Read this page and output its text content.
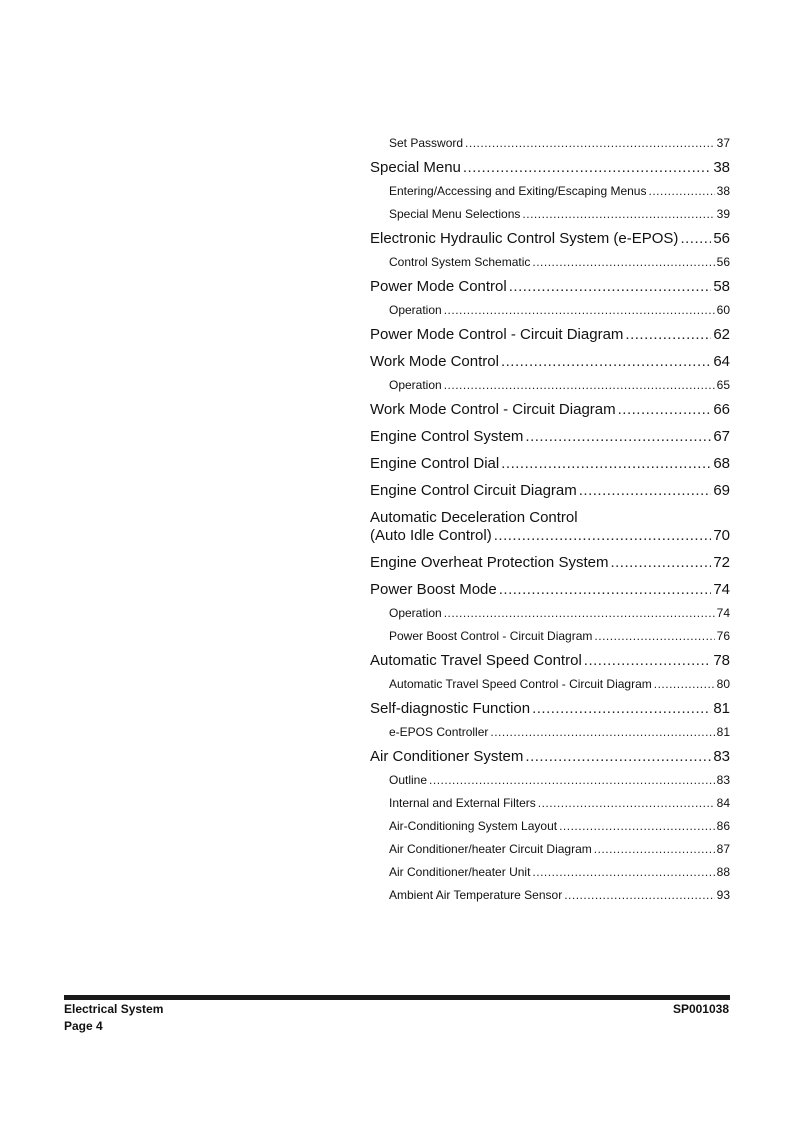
Set Password .....	37
Special Menu .....	38
Entering/Accessing and Exiting/Escaping Menus .....	38
Special Menu Selections .....	39
Electronic Hydraulic Control System (e-EPOS) ..... 56
Control System Schematic .....	56
Power Mode Control .....	58
Operation .....	60
Power Mode Control - Circuit Diagram .....	62
Work Mode Control .....	64
Operation .....	65
Work Mode Control - Circuit Diagram .....	66
Engine Control System .....	67
Engine Control Dial .....	68
Engine Control Circuit Diagram .....	69
Automatic Deceleration Control
(Auto Idle Control) .....	70
Engine Overheat Protection System .....	72
Power Boost Mode .....	74
Operation .....	74
Power Boost Control - Circuit Diagram .....	76
Automatic Travel Speed Control .....	78
Automatic Travel Speed Control - Circuit Diagram .....	80
Self-diagnostic Function .....	81
e-EPOS Controller .....	81
Air Conditioner System .....	83
Outline .....	83
Internal and External Filters .....	84
Air-Conditioning System Layout .....	86
Air Conditioner/heater Circuit Diagram .....	87
Air Conditioner/heater Unit .....	88
Ambient Air Temperature Sensor .....	93
Electrical System
Page 4
SP001038
